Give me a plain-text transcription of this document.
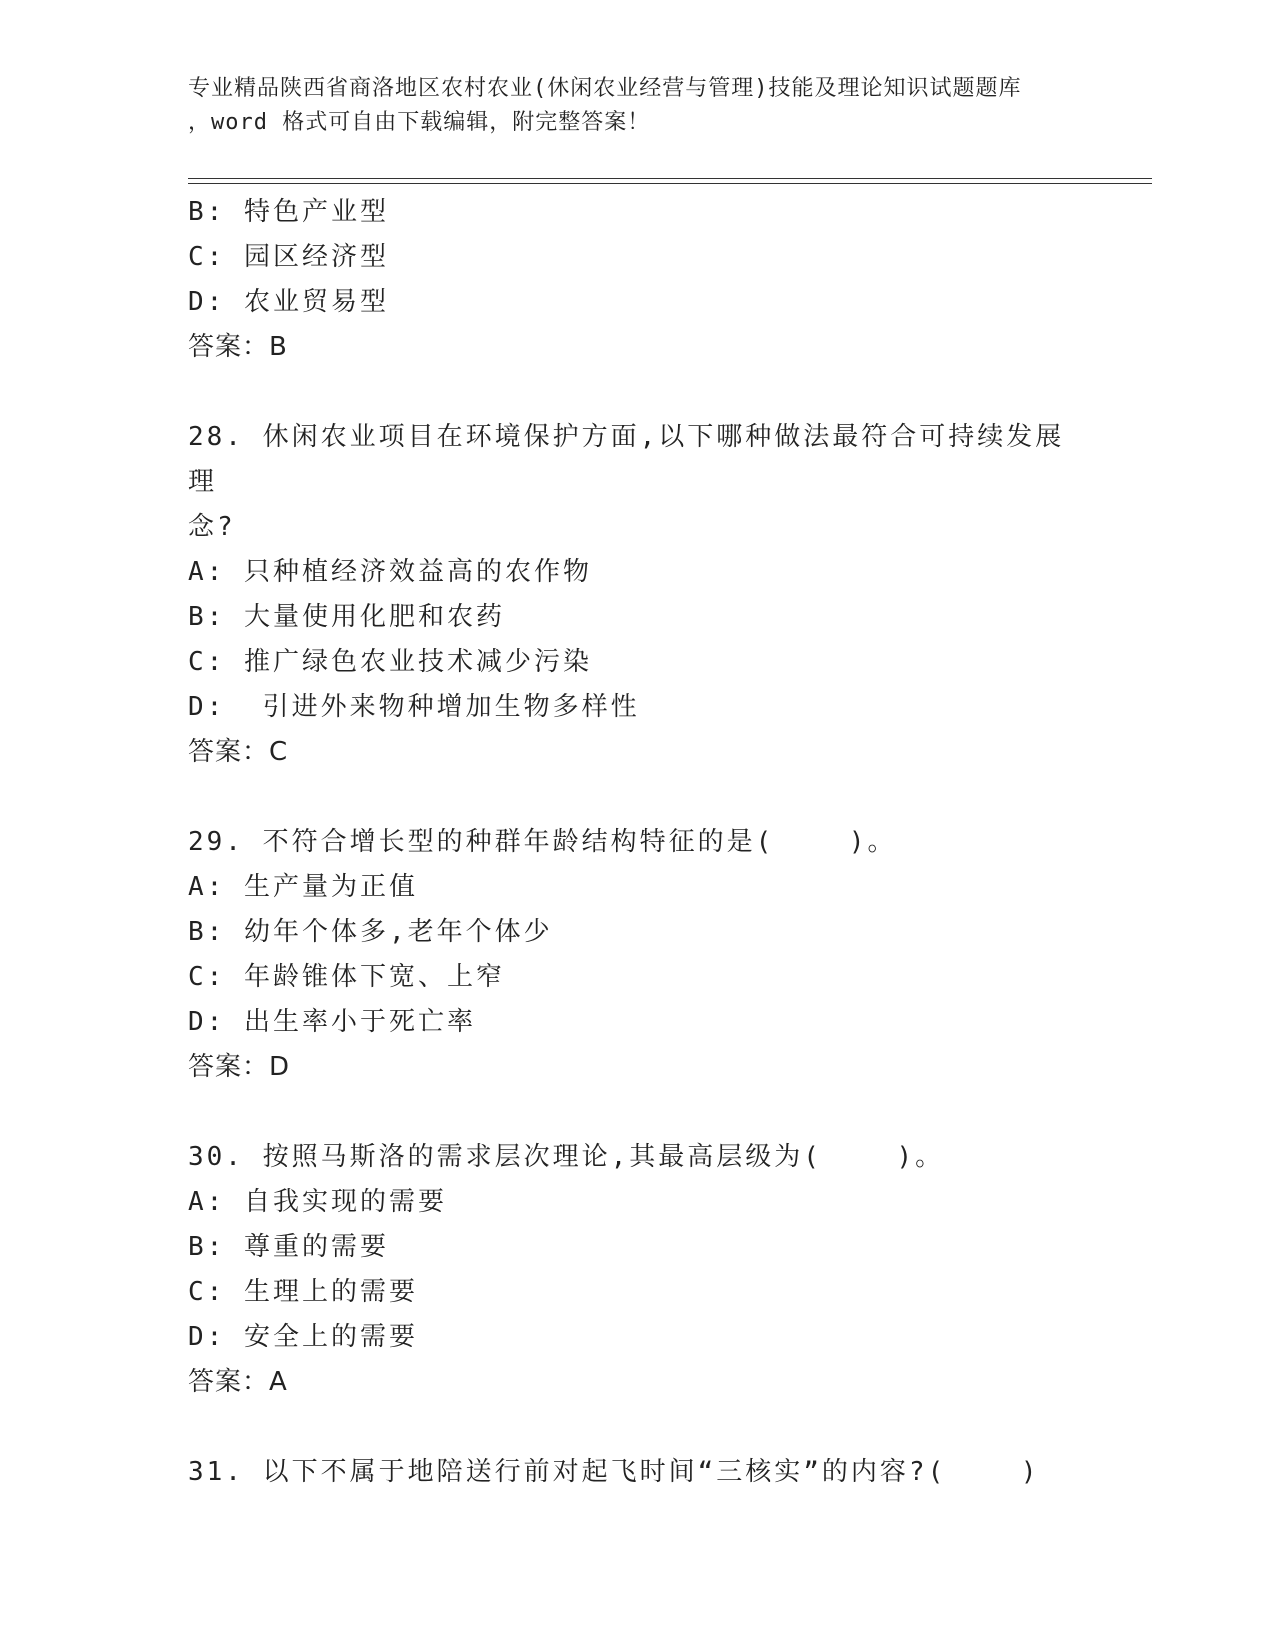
专业精品陕西省商洛地区农村农业(休闲农业经营与管理)技能及理论知识试题题库
，word 格式可自由下载编辑，附完整答案！
B: 特色产业型
C: 园区经济型
D: 农业贸易型
答案：B
28. 休闲农业项目在环境保护方面,以下哪种做法最符合可持续发展理
念?
A: 只种植经济效益高的农作物
B: 大量使用化肥和农药
C: 推广绿色农业技术减少污染
D:  引进外来物种增加生物多样性
答案：C
29. 不符合增长型的种群年龄结构特征的是(    )。
A: 生产量为正值
B: 幼年个体多,老年个体少
C: 年龄锥体下宽、上窄
D: 出生率小于死亡率
答案：D
30. 按照马斯洛的需求层次理论,其最高层级为(    )。
A: 自我实现的需要
B: 尊重的需要
C: 生理上的需要
D: 安全上的需要
答案：A
31. 以下不属于地陪送行前对起飞时间“三核实”的内容?(    )
